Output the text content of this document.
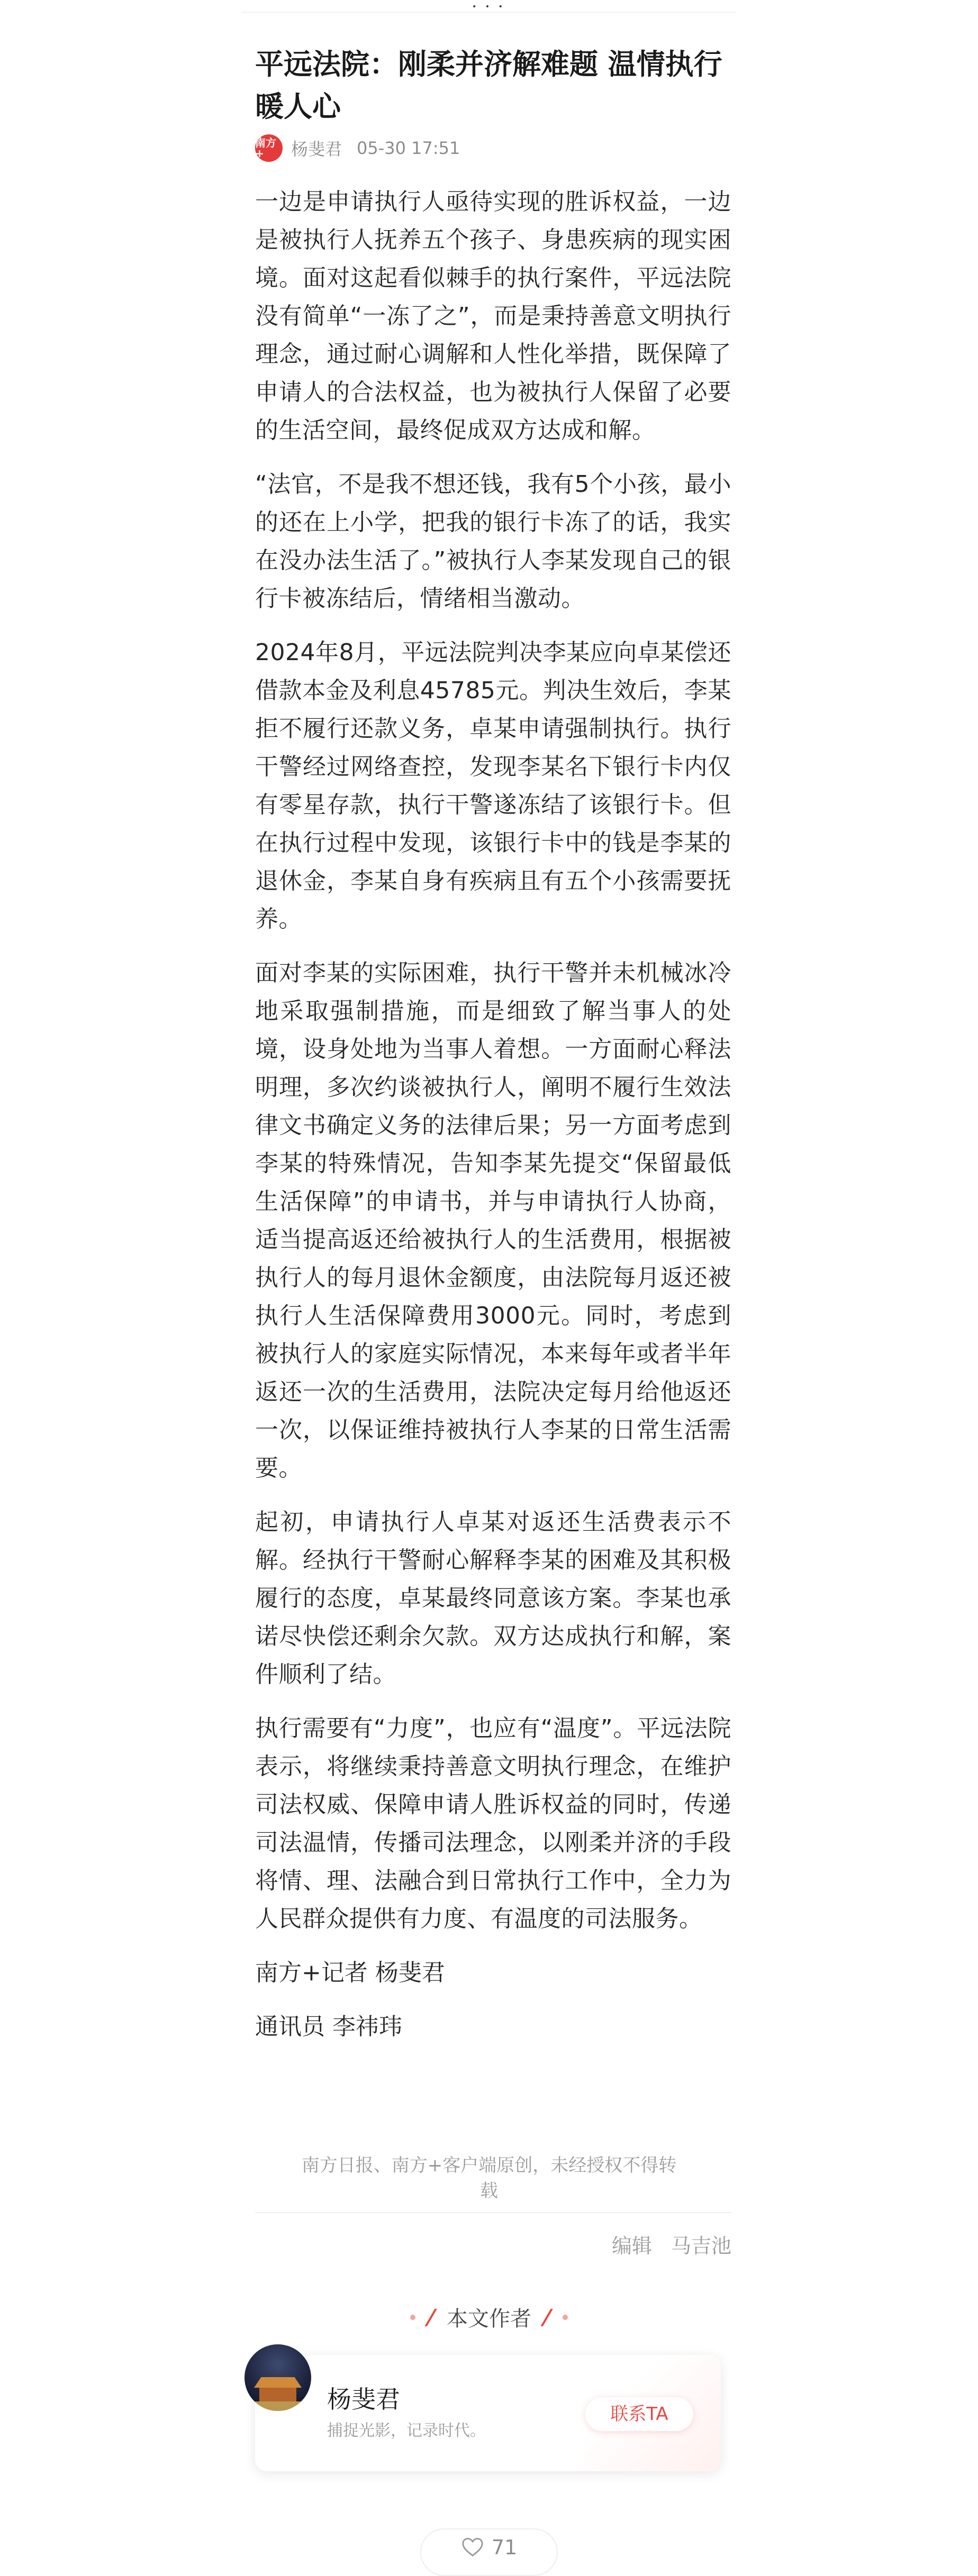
• • •
平远法院：刚柔并济解难题 温情执行暖人心
南方+	杨斐君 05-30 17:51

一边是申请执行人亟待实现的胜诉权益，一边是被执行人抚养五个孩子、身患疾病的现实困境。面对这起看似棘手的执行案件，平远法院没有简单“一冻了之”，而是秉持善意文明执行理念，通过耐心调解和人性化举措，既保障了申请人的合法权益，也为被执行人保留了必要的生活空间，最终促成双方达成和解。

“法官，不是我不想还钱，我有5个小孩，最小的还在上小学，把我的银行卡冻了的话，我实在没办法生活了。”被执行人李某发现自己的银行卡被冻结后，情绪相当激动。

2024年8月，平远法院判决李某应向卓某偿还借款本金及利息45785元。判决生效后，李某拒不履行还款义务，卓某申请强制执行。执行干警经过网络查控，发现李某名下银行卡内仅有零星存款，执行干警遂冻结了该银行卡。但在执行过程中发现，该银行卡中的钱是李某的退休金，李某自身有疾病且有五个小孩需要抚养。

面对李某的实际困难，执行干警并未机械冰冷地采取强制措施，而是细致了解当事人的处境，设身处地为当事人着想。一方面耐心释法明理，多次约谈被执行人，阐明不履行生效法律文书确定义务的法律后果；另一方面考虑到李某的特殊情况，告知李某先提交“保留最低生活保障”的申请书，并与申请执行人协商，适当提高返还给被执行人的生活费用，根据被执行人的每月退休金额度，由法院每月返还被执行人生活保障费用3000元。同时，考虑到被执行人的家庭实际情况，本来每年或者半年返还一次的生活费用，法院决定每月给他返还一次，以保证维持被执行人李某的日常生活需要。

起初，申请执行人卓某对返还生活费表示不解。经执行干警耐心解释李某的困难及其积极履行的态度，卓某最终同意该方案。李某也承诺尽快偿还剩余欠款。双方达成执行和解，案件顺利了结。

执行需要有“力度”，也应有“温度”。平远法院表示，将继续秉持善意文明执行理念，在维护司法权威、保障申请人胜诉权益的同时，传递司法温情，传播司法理念，以刚柔并济的手段将情、理、法融合到日常执行工作中，全力为人民群众提供有力度、有温度的司法服务。

南方+记者 杨斐君

通讯员 李祎玮

南方日报、南方+客户端原创，未经授权不得转载
编辑 马吉池
/ 本文作者 /
杨斐君
捕捉光影，记录时代。
联系TA
71
